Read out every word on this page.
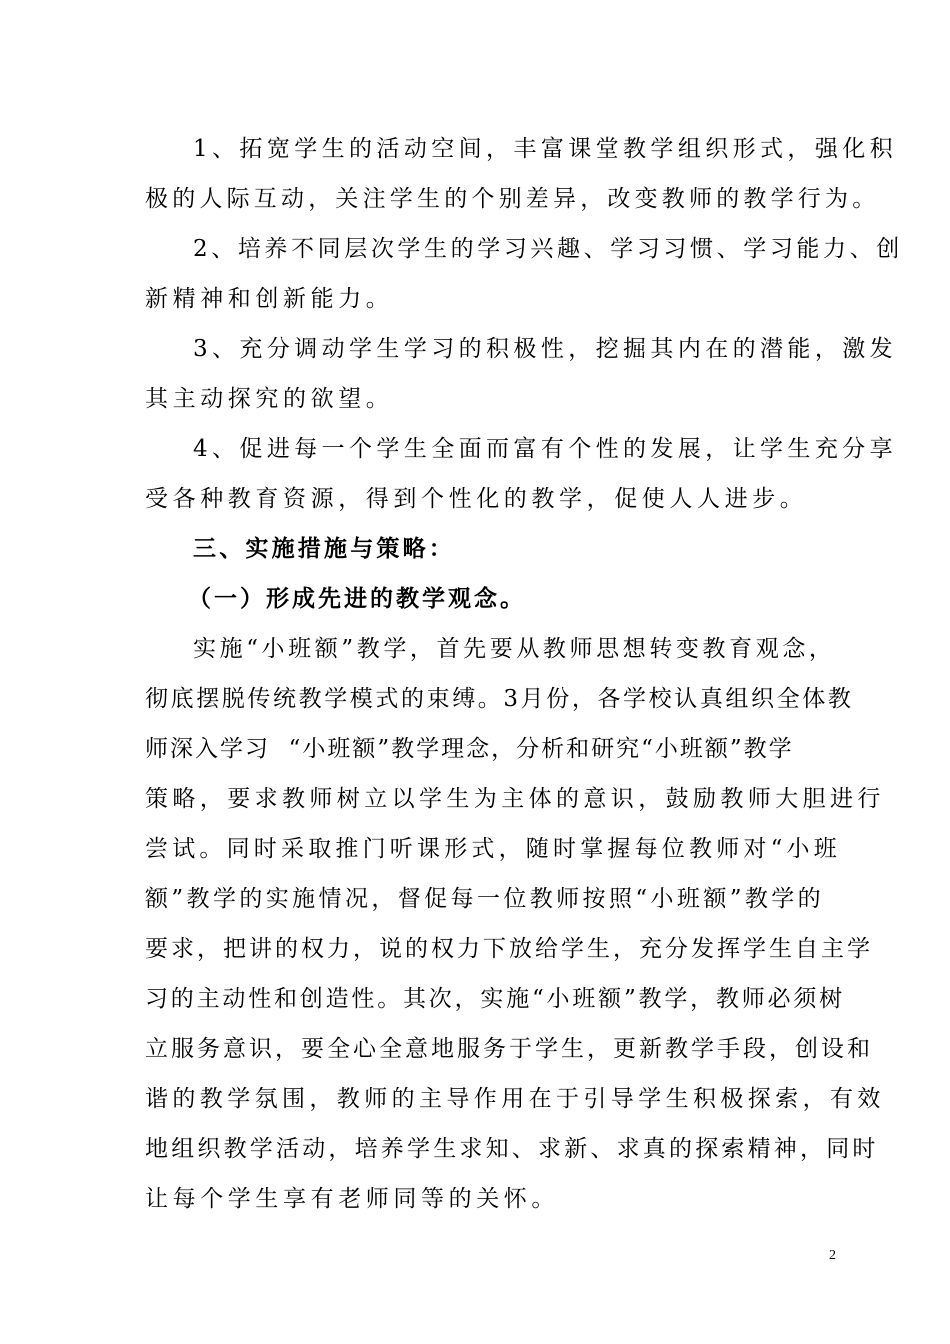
1、拓宽学生的活动空间，丰富课堂教学组织形式，强化积
极的人际互动，关注学生的个别差异，改变教师的教学行为。
2、培养不同层次学生的学习兴趣、学习习惯、学习能力、创
新精神和创新能力。
3、充分调动学生学习的积极性，挖掘其内在的潜能，激发
其主动探究的欲望。
4、促进每一个学生全面而富有个性的发展，让学生充分享
受各种教育资源，得到个性化的教学，促使人人进步。
三、实施措施与策略：
（一）形成先进的教学观念。
实施“小班额”教学，首先要从教师思想转变教育观念，
彻底摆脱传统教学模式的束缚。3月份，各学校认真组织全体教
师深入学习  “小班额”教学理念，分析和研究“小班额”教学
策略，要求教师树立以学生为主体的意识，鼓励教师大胆进行
尝试。同时采取推门听课形式，随时掌握每位教师对“小班
额”教学的实施情况，督促每一位教师按照“小班额”教学的
要求，把讲的权力，说的权力下放给学生，充分发挥学生自主学
习的主动性和创造性。其次，实施“小班额”教学，教师必须树
立服务意识，要全心全意地服务于学生，更新教学手段，创设和
谐的教学氛围，教师的主导作用在于引导学生积极探索，有效
地组织教学活动，培养学生求知、求新、求真的探索精神，同时
让每个学生享有老师同等的关怀。
2
